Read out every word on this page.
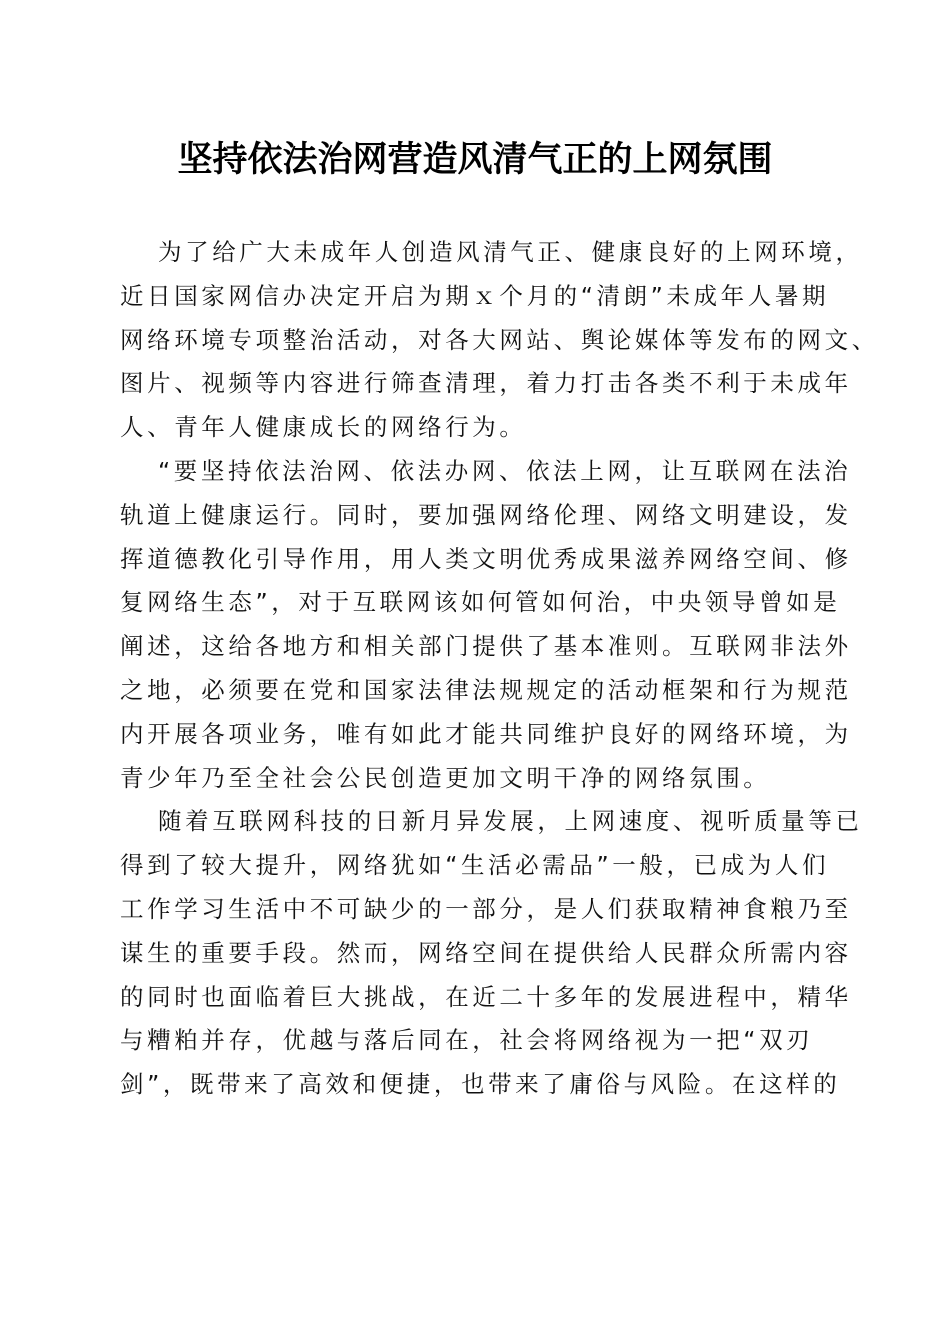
坚持依法治网营造风清气正的上网氛围
为了给广大未成年人创造风清气正、健康良好的上网环境，
近日国家网信办决定开启为期ｘ个月的“清朗”未成年人暑期
网络环境专项整治活动，对各大网站、舆论媒体等发布的网文、
图片、视频等内容进行筛查清理，着力打击各类不利于未成年
人、青年人健康成长的网络行为。
“要坚持依法治网、依法办网、依法上网，让互联网在法治
轨道上健康运行。同时，要加强网络伦理、网络文明建设，发
挥道德教化引导作用，用人类文明优秀成果滋养网络空间、修
复网络生态”，对于互联网该如何管如何治，中央领导曾如是
阐述，这给各地方和相关部门提供了基本准则。互联网非法外
之地，必须要在党和国家法律法规规定的活动框架和行为规范
内开展各项业务，唯有如此才能共同维护良好的网络环境，为
青少年乃至全社会公民创造更加文明干净的网络氛围。
随着互联网科技的日新月异发展，上网速度、视听质量等已
得到了较大提升，网络犹如“生活必需品”一般，已成为人们
工作学习生活中不可缺少的一部分，是人们获取精神食粮乃至
谋生的重要手段。然而，网络空间在提供给人民群众所需内容
的同时也面临着巨大挑战，在近二十多年的发展进程中，精华
与糟粕并存，优越与落后同在，社会将网络视为一把“双刃
剑”，既带来了高效和便捷，也带来了庸俗与风险。在这样的
